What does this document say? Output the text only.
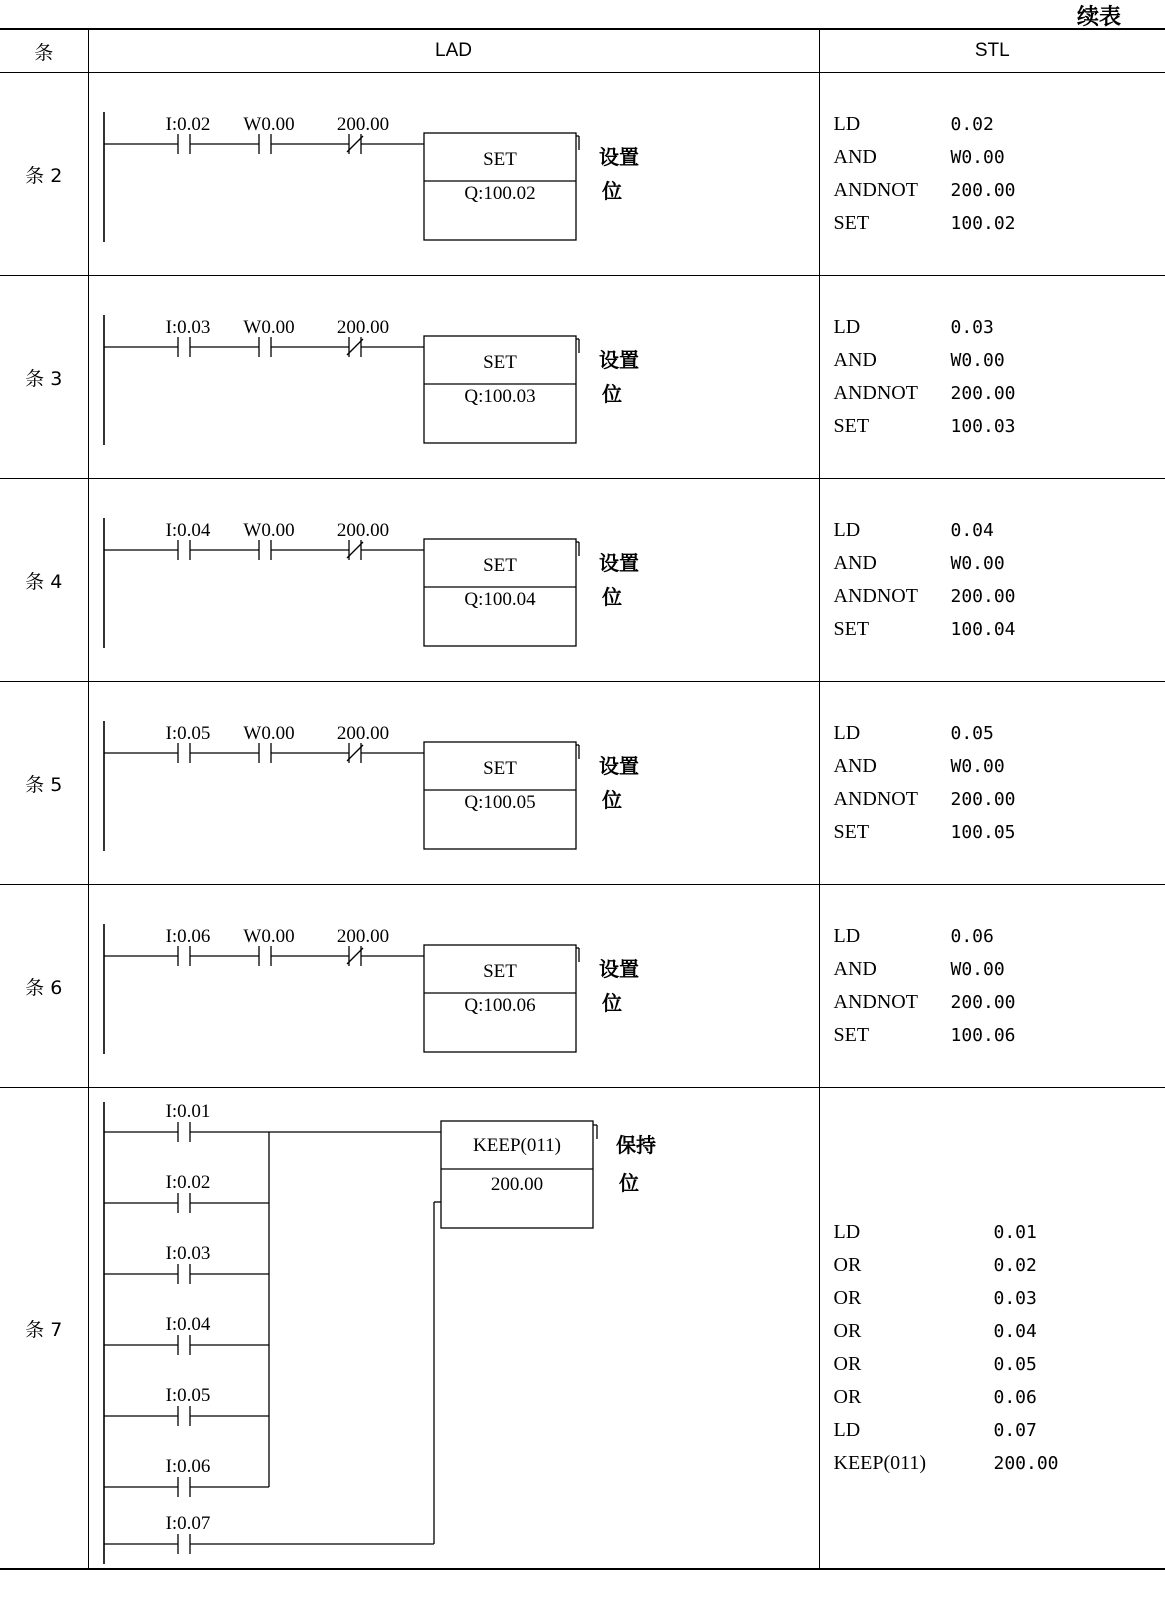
续表
条	LAD	STL
条 2	
I:0.02 W0.00 200.00
SET
Q:100.02
设置
位

LD	0.02
AND	W0.00
ANDNOT	200.00
SET	100.02

条 3	
I:0.03 W0.00 200.00
SET
Q:100.03
设置
位

LD	0.03
AND	W0.00
ANDNOT	200.00
SET	100.03

条 4	
I:0.04 W0.00 200.00
SET
Q:100.04
设置
位

LD	0.04
AND	W0.00
ANDNOT	200.00
SET	100.04

条 5	
I:0.05 W0.00 200.00
SET
Q:100.05
设置
位

LD	0.05
AND	W0.00
ANDNOT	200.00
SET	100.05

条 6	
I:0.06 W0.00 200.00
SET
Q:100.06
设置
位

LD	0.06
AND	W0.00
ANDNOT	200.00
SET	100.06

条 7	
I:0.01
I:0.02
I:0.03
I:0.04
I:0.05
I:0.06
I:0.07
KEEP(011)
200.00
保持
位

LD	0.01
OR	0.02
OR	0.03
OR	0.04
OR	0.05
OR	0.06
LD	0.07
KEEP(011)	200.00
